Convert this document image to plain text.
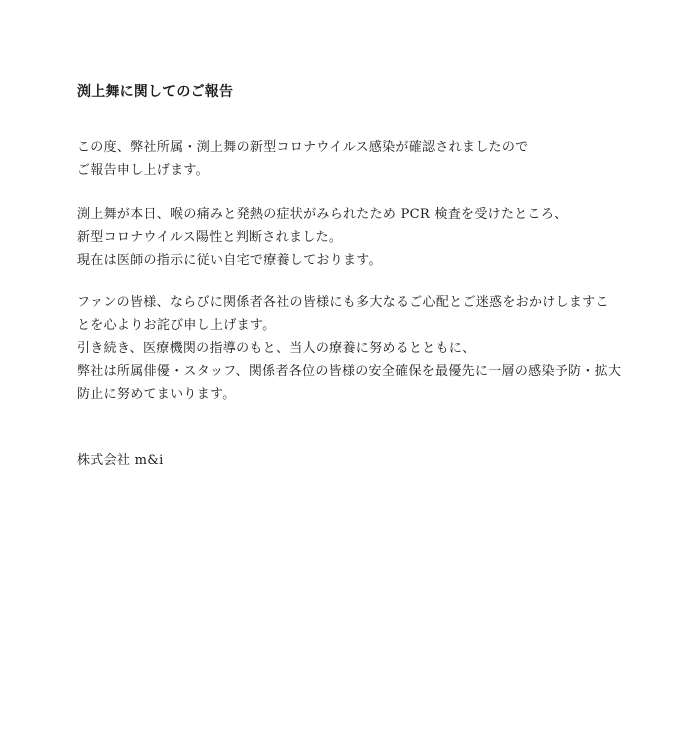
渕上舞に関してのご報告
この度、弊社所属・渕上舞の新型コロナウイルス感染が確認されましたので
ご報告申し上げます。
渕上舞が本日、喉の痛みと発熱の症状がみられたため PCR 検査を受けたところ、
新型コロナウイルス陽性と判断されました。
現在は医師の指示に従い自宅で療養しております。
ファンの皆様、ならびに関係者各社の皆様にも多大なるご心配とご迷惑をおかけしますこ
とを心よりお詫び申し上げます。
引き続き、医療機関の指導のもと、当人の療養に努めるとともに、
弊社は所属俳優・スタッフ、関係者各位の皆様の安全確保を最優先に一層の感染予防・拡大
防止に努めてまいります。
株式会社 m&i
